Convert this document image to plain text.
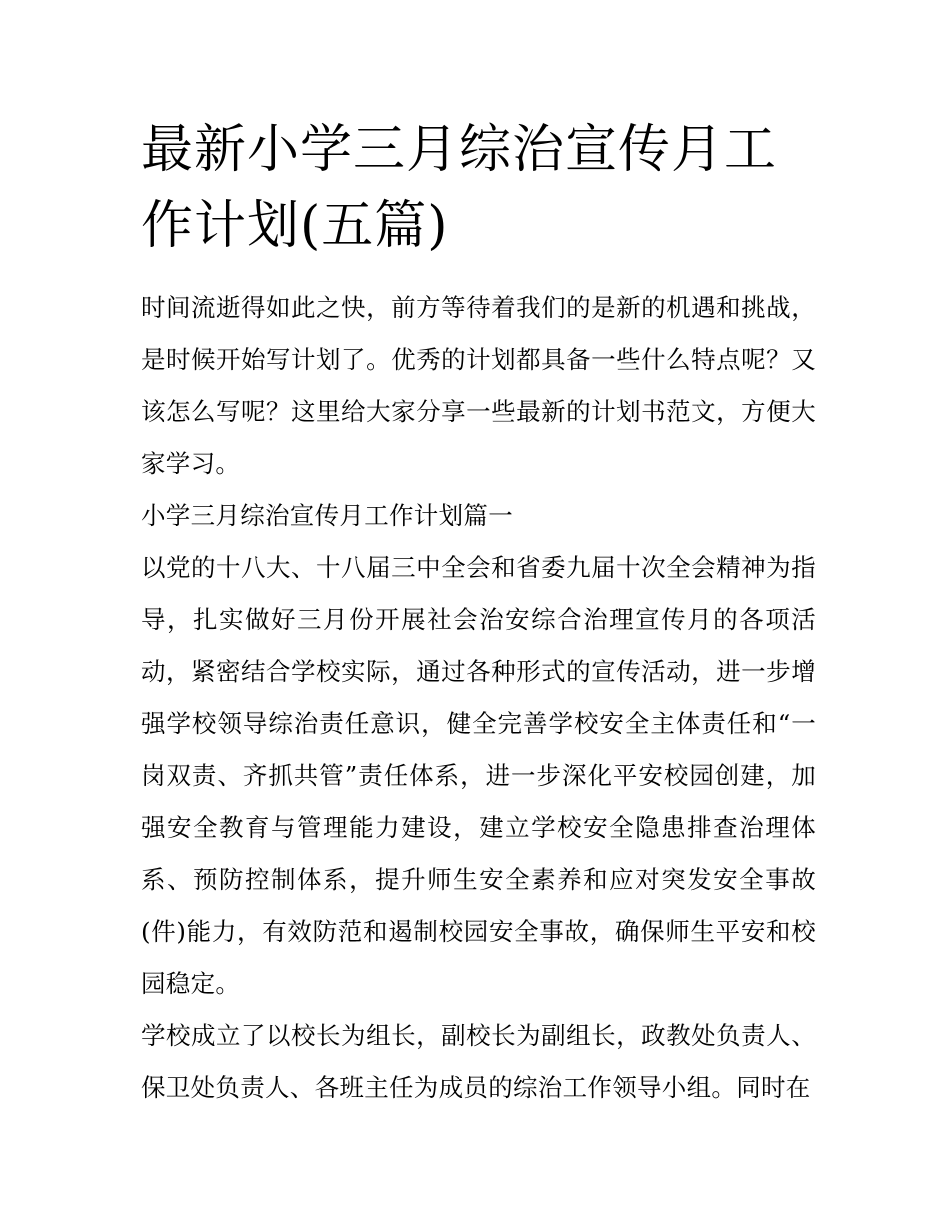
最新小学三月综治宣传月工作计划(五篇)

时间流逝得如此之快，前方等待着我们的是新的机遇和挑战，是时候开始写计划了。优秀的计划都具备一些什么特点呢？又该怎么写呢？这里给大家分享一些最新的计划书范文，方便大家学习。

小学三月综治宣传月工作计划篇一

以党的十八大、十八届三中全会和省委九届十次全会精神为指导，扎实做好三月份开展社会治安综合治理宣传月的各项活动，紧密结合学校实际，通过各种形式的宣传活动，进一步增强学校领导综治责任意识，健全完善学校安全主体责任和“一岗双责、齐抓共管”责任体系，进一步深化平安校园创建，加强安全教育与管理能力建设，建立学校安全隐患排查治理体系、预防控制体系，提升师生安全素养和应对突发安全事故(件)能力，有效防范和遏制校园安全事故，确保师生平安和校园稳定。

学校成立了以校长为组长，副校长为副组长，政教处负责人、保卫处负责人、各班主任为成员的综治工作领导小组。同时在
